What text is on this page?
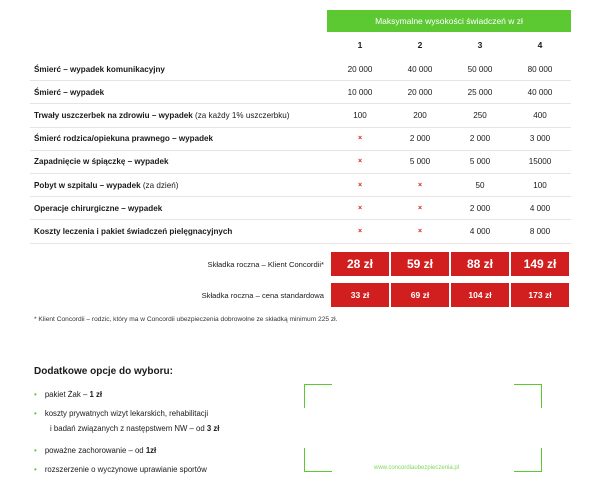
Maksymalne wysokości świadczeń w zł
1	2	3	4
Śmierć – wypadek komunikacyjny	20 000	40 000	50 000	80 000
Śmierć – wypadek	10 000	20 000	25 000	40 000
Trwały uszczerbek na zdrowiu – wypadek (za każdy 1% uszczerbku)	100	200	250	400
Śmierć rodzica/opiekuna prawnego – wypadek	×	2 000	2 000	3 000
Zapadnięcie w śpiączkę – wypadek	×	5 000	5 000	15000
Pobyt w szpitalu – wypadek (za dzień)	×	×	50	100
Operacje chirurgiczne – wypadek	×	×	2 000	4 000
Koszty leczenia i pakiet świadczeń pielęgnacyjnych	×	×	4 000	8 000
Składka roczna – Klient Concordii*	28 zł	59 zł	88 zł	149 zł
Składka roczna – cena standardowa	33 zł	69 zł	104 zł	173 zł
* Klient Concordii – rodzic, który ma w Concordii ubezpieczenia dobrowolne ze składką minimum 225 zł.
Dodatkowe opcje do wyboru:
• pakiet Żak – 1 zł
• koszty prywatnych wizyt lekarskich, rehabilitacji
i badań związanych z następstwem NW – od 3 zł
• poważne zachorowanie – od 1zł
• rozszerzenie o wyczynowe uprawianie sportów	www.concordiaubezpieczenia.pl
